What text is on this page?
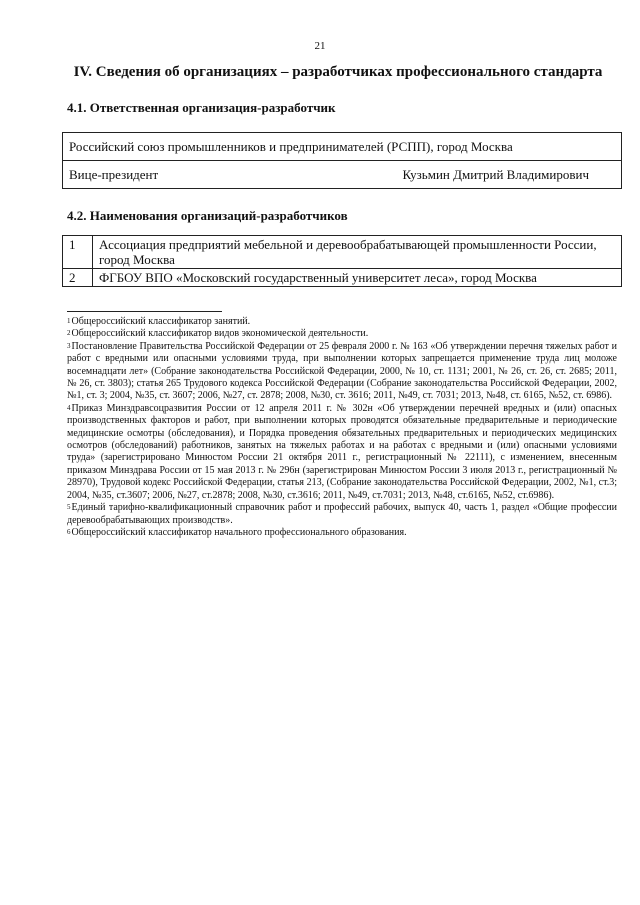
21
IV. Сведения об организациях – разработчиках профессионального стандарта
4.1. Ответственная организация-разработчик
Российский союз промышленников и предпринимателей (РСПП), город Москва

Вице-президент	Кузьмин Дмитрий Владимирович
4.2. Наименования организаций-разработчиков
1	Ассоциация предприятий мебельной и деревообрабатывающей промышленности России, город Москва
2	ФГБОУ ВПО «Московский государственный университет леса», город Москва

$^1$Общероссийский классификатор занятий.

$^2$Общероссийский классификатор видов экономической деятельности.

$^3$Постановление Правительства Российской Федерации от 25 февраля 2000 г. № 163 «Об утверждении перечня тяжелых работ и работ с вредными или опасными условиями труда, при выполнении которых запрещается применение труда лиц моложе восемнадцати лет» (Собрание законодательства Российской Федерации, 2000, № 10, ст. 1131; 2001, № 26, ст. 26, ст. 2685; 2011, № 26, ст. 3803); статья 265 Трудового кодекса Российской Федерации (Собрание законодательства Российской Федерации, 2002, №1, ст. 3; 2004, №35, ст. 3607; 2006, №27, ст. 2878; 2008, №30, ст. 3616; 2011, №49, ст. 7031; 2013, №48, ст. 6165, №52, ст. 6986).

$^4$Приказ Минздравсоцразвития России от 12 апреля 2011 г. № 302н «Об утверждении перечней вредных и (или) опасных производственных факторов и работ, при выполнении которых проводятся обязательные предварительные и периодические медицинские осмотры (обследования), и Порядка проведения обязательных предварительных и периодических медицинских осмотров (обследований) работников, занятых на тяжелых работах и на работах с вредными и (или) опасными условиями труда» (зарегистрировано Минюстом России 21 октября 2011 г., регистрационный № 22111), с изменением, внесенным приказом Минздрава России от 15 мая 2013 г. № 296н (зарегистрирован Минюстом России 3 июля 2013 г., регистрационный № 28970), Трудовой кодекс Российской Федерации, статья 213, (Собрание законодательства Российской Федерации, 2002, №1, ст.3; 2004, №35, ст.3607; 2006, №27, ст.2878; 2008, №30, ст.3616; 2011, №49, ст.7031; 2013, №48, ст.6165, №52, ст.6986).

$^5$Единый тарифно-квалификационный справочник работ и профессий рабочих, выпуск 40, часть 1, раздел «Общие профессии деревообрабатывающих производств».

$^6$Общероссийский классификатор начального профессионального образования.
